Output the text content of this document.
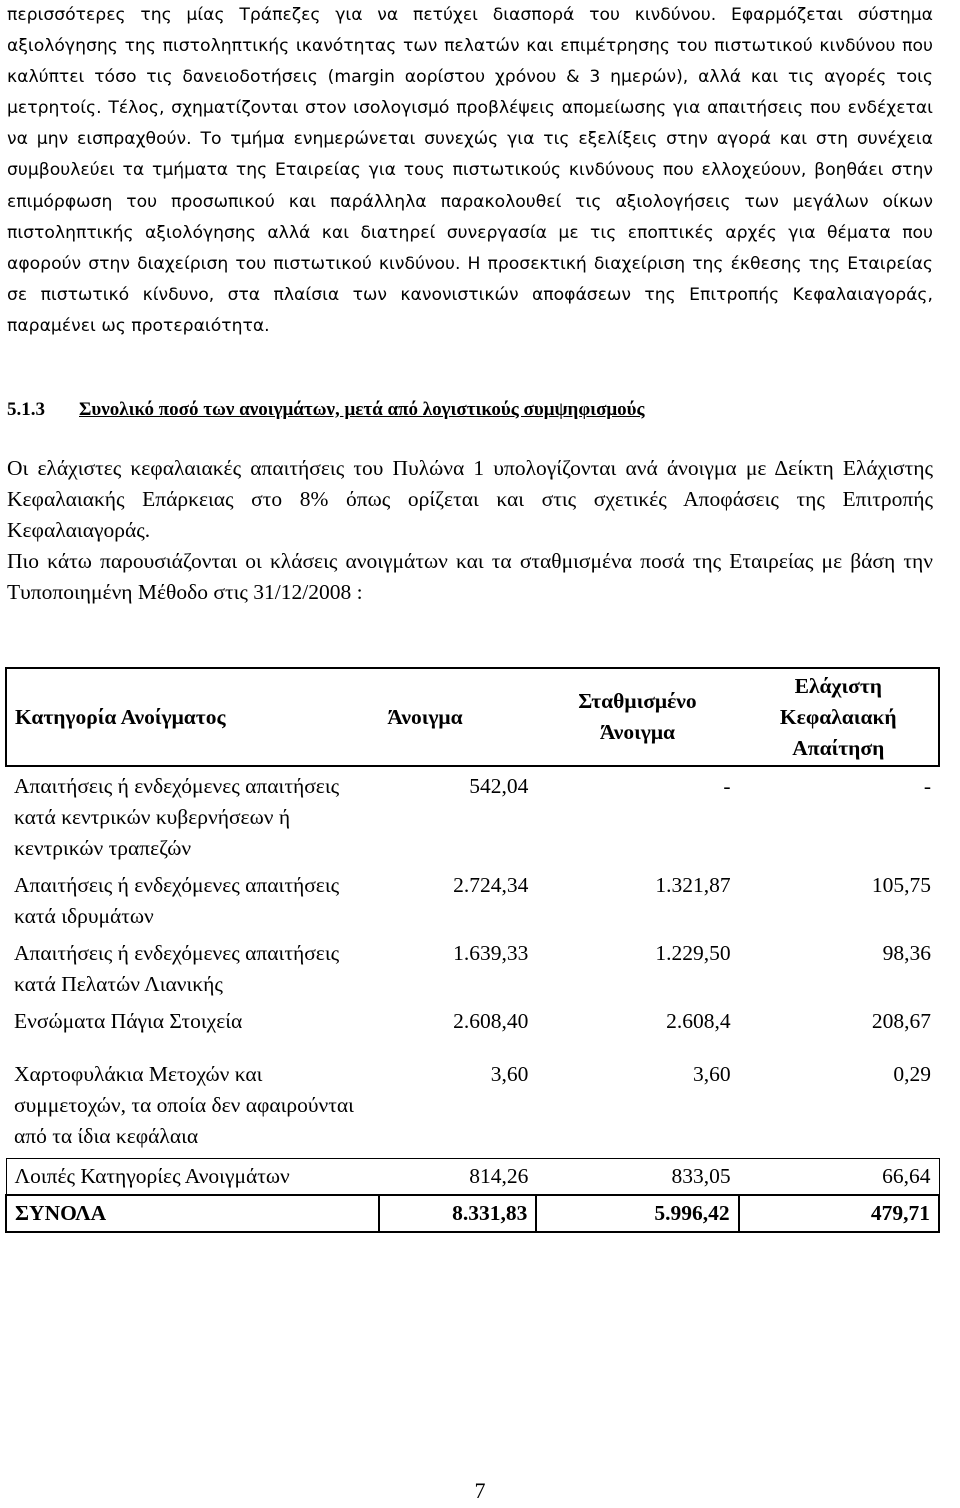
περισσότερες της μίας Τράπεζες για να πετύχει διασπορά του κινδύνου. Εφαρμόζεται σύστημα αξιολόγησης της πιστοληπτικής ικανότητας των πελατών και επιμέτρησης του πιστωτικού κινδύνου που καλύπτει τόσο τις δανειοδοτήσεις (margin αορίστου χρόνου & 3 ημερών), αλλά και τις αγορές τοις μετρητοίς. Τέλος, σχηματίζονται στον ισολογισμό προβλέψεις απομείωσης για απαιτήσεις που ενδέχεται να μην εισπραχθούν. Το τμήμα ενημερώνεται συνεχώς για τις εξελίξεις στην αγορά και στη συνέχεια συμβουλεύει τα τμήματα της Εταιρείας για τους πιστωτικούς κινδύνους που ελλοχεύουν, βοηθάει στην επιμόρφωση του προσωπικού και παράλληλα παρακολουθεί τις αξιολογήσεις των μεγάλων οίκων πιστοληπτικής αξιολόγησης αλλά και διατηρεί συνεργασία με τις εποπτικές αρχές για θέματα που αφορούν στην διαχείριση του πιστωτικού κινδύνου. Η προσεκτική διαχείριση της έκθεσης της Εταιρείας σε πιστωτικό κίνδυνο, στα πλαίσια των κανονιστικών αποφάσεων της Επιτροπής Κεφαλαιαγοράς, παραμένει ως προτεραιότητα.

5.1.3 Συνολικό ποσό των ανοιγμάτων, μετά από λογιστικούς συμψηφισμούς

Οι ελάχιστες κεφαλαιακές απαιτήσεις του Πυλώνα 1 υπολογίζονται ανά άνοιγμα με Δείκτη Ελάχιστης Κεφαλαιακής Επάρκειας στο 8% όπως ορίζεται και στις σχετικές Αποφάσεις της Επιτροπής Κεφαλαιαγοράς.

Πιο κάτω παρουσιάζονται οι κλάσεις ανοιγμάτων και τα σταθμισμένα ποσά της Εταιρείας με βάση την Τυποποιημένη Μέθοδο στις 31/12/2008 :

Κατηγορία Ανοίγματος	Άνοιγμα	Σταθμισμένο Άνοιγμα	Ελάχιστη Κεφαλαιακή Απαίτηση
Απαιτήσεις ή ενδεχόμενες απαιτήσεις κατά κεντρικών κυβερνήσεων ή κεντρικών τραπεζών	542,04	-	-
Απαιτήσεις ή ενδεχόμενες απαιτήσεις κατά ιδρυμάτων	2.724,34	1.321,87	105,75
Απαιτήσεις ή ενδεχόμενες απαιτήσεις κατά Πελατών Λιανικής	1.639,33	1.229,50	98,36
Ενσώματα Πάγια Στοιχεία	2.608,40	2.608,4	208,67
Χαρτοφυλάκια Μετοχών και συμμετοχών, τα οποία δεν αφαιρούνται από τα ίδια κεφάλαια	3,60	3,60	0,29
Λοιπές Κατηγορίες Ανοιγμάτων	814,26	833,05	66,64
ΣΥΝΟΛΑ	8.331,83	5.996,42	479,71
7
